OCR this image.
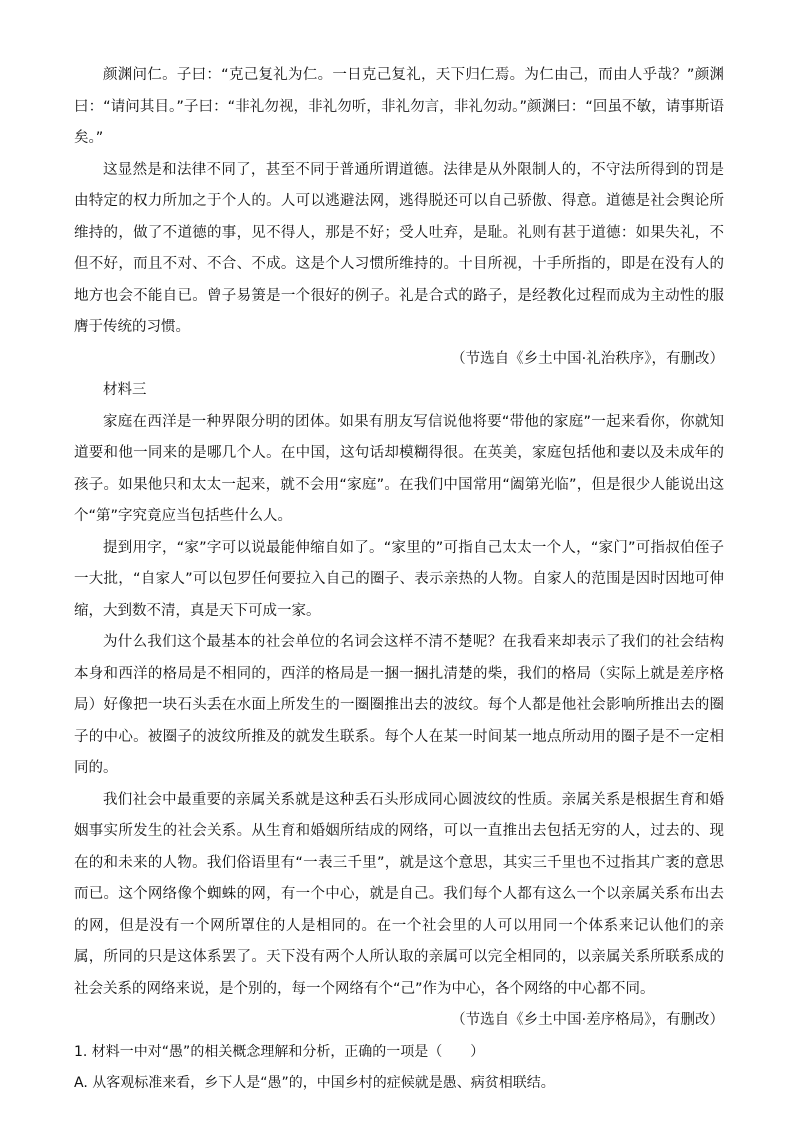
颜渊问仁。子曰：“克己复礼为仁。一日克己复礼，天下归仁焉。为仁由己，而由人乎哉？”颜渊曰：“请问其目。”子曰：“非礼勿视，非礼勿听，非礼勿言，非礼勿动。”颜渊曰：“回虽不敏，请事斯语矣。”

这显然是和法律不同了，甚至不同于普通所谓道德。法律是从外限制人的，不守法所得到的罚是由特定的权力所加之于个人的。人可以逃避法网，逃得脱还可以自己骄傲、得意。道德是社会舆论所维持的，做了不道德的事，见不得人，那是不好；受人吐弃，是耻。礼则有甚于道德：如果失礼，不但不好，而且不对、不合、不成。这是个人习惯所维持的。十目所视，十手所指的，即是在没有人的地方也会不能自已。曾子易箦是一个很好的例子。礼是合式的路子，是经教化过程而成为主动性的服膺于传统的习惯。

（节选自《乡土中国·礼治秩序》，有删改）

材料三

家庭在西洋是一种界限分明的团体。如果有朋友写信说他将要“带他的家庭”一起来看你，你就知道要和他一同来的是哪几个人。在中国，这句话却模糊得很。在英美，家庭包括他和妻以及未成年的孩子。如果他只和太太一起来，就不会用“家庭”。在我们中国常用“阖第光临”，但是很少人能说出这个“第”字究竟应当包括些什么人。

提到用字，“家”字可以说最能伸缩自如了。“家里的”可指自己太太一个人，“家门”可指叔伯侄子一大批，“自家人”可以包罗任何要拉入自己的圈子、表示亲热的人物。自家人的范围是因时因地可伸缩，大到数不清，真是天下可成一家。

为什么我们这个最基本的社会单位的名词会这样不清不楚呢？在我看来却表示了我们的社会结构本身和西洋的格局是不相同的，西洋的格局是一捆一捆扎清楚的柴，我们的格局（实际上就是差序格局）好像把一块石头丢在水面上所发生的一圈圈推出去的波纹。每个人都是他社会影响所推出去的圈子的中心。被圈子的波纹所推及的就发生联系。每个人在某一时间某一地点所动用的圈子是不一定相同的。

我们社会中最重要的亲属关系就是这种丢石头形成同心圆波纹的性质。亲属关系是根据生育和婚姻事实所发生的社会关系。从生育和婚姻所结成的网络，可以一直推出去包括无穷的人，过去的、现在的和未来的人物。我们俗语里有“一表三千里”，就是这个意思，其实三千里也不过指其广袤的意思而已。这个网络像个蜘蛛的网，有一个中心，就是自己。我们每个人都有这么一个以亲属关系布出去的网，但是没有一个网所罩住的人是相同的。在一个社会里的人可以用同一个体系来记认他们的亲属，所同的只是这体系罢了。天下没有两个人所认取的亲属可以完全相同的，以亲属关系所联系成的社会关系的网络来说，是个别的，每一个网络有个“己”作为中心，各个网络的中心都不同。

（节选自《乡土中国·差序格局》，有删改）

1. 材料一中对“愚”的相关概念理解和分析，正确的一项是（　　）

A. 从客观标准来看，乡下人是“愚”的，中国乡村的症候就是愚、病贫相联结。
